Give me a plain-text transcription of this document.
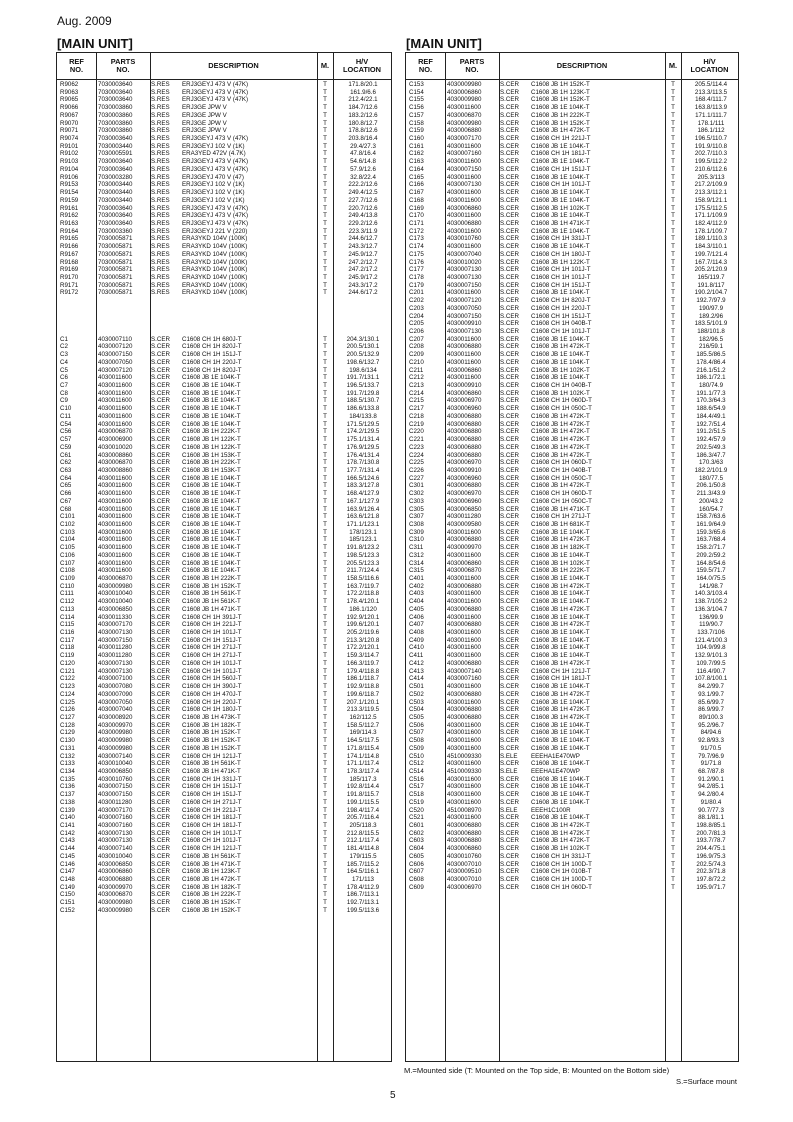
Aug. 2009
[MAIN UNIT]	[MAIN UNIT]
REF
NO.
PARTS
NO.	DESCRIPTION	M.	H/V
LOCATION
R9062	7030003640	S.RES	ERJ3GEYJ 473 V (47K)	T	171.8/20.1
R9063	7030003640	S.RES	ERJ3GEYJ 473 V (47K)	T	161.9/6.6
R9065	7030003640	S.RES	ERJ3GEYJ 473 V (47K)	T	212.4/22.1
R9066	7030003860	S.RES	ERJ3GE JPW V	T	184.7/12.6
R9067	7030003860	S.RES	ERJ3GE JPW V	T	183.2/12.6
R9070	7030003860	S.RES	ERJ3GE JPW V	T	180.8/12.7
R9071	7030003860	S.RES	ERJ3GE JPW V	T	178.8/12.6
R9074	7030003640	S.RES	ERJ3GEYJ 473 V (47K)	T	203.8/16.4
R9101	7030003440	S.RES	ERJ3GEYJ 102 V (1K)	T	29.4/27.3
R9102	7030005591	S.RES	ERA3YED 472V (4.7K)	T	47.8/16.4
R9103	7030003640	S.RES	ERJ3GEYJ 473 V (47K)	T	54.6/14.8
R9104	7030003640	S.RES	ERJ3GEYJ 473 V (47K)	T	57.9/12.6
R9106	7030003280	S.RES	ERJ3GEYJ 470 V (47)	T	32.8/22.4
R9153	7030003440	S.RES	ERJ3GEYJ 102 V (1K)	T	222.2/12.6
R9154	7030003440	S.RES	ERJ3GEYJ 102 V (1K)	T	249.4/12.5
R9159	7030003440	S.RES	ERJ3GEYJ 102 V (1K)	T	227.7/12.6
R9161	7030003640	S.RES	ERJ3GEYJ 473 V (47K)	T	220.7/12.6
R9162	7030003640	S.RES	ERJ3GEYJ 473 V (47K)	T	249.4/13.8
R9163	7030003640	S.RES	ERJ3GEYJ 473 V (47K)	T	229.2/12.6
R9164	7030003360	S.RES	ERJ3GEYJ 221 V (220)	T	223.3/11.9
R9165	7030005871	S.RES	ERA3YKD 104V (100K)	T	244.6/12.7
R9166	7030005871	S.RES	ERA3YKD 104V (100K)	T	243.3/12.7
R9167	7030005871	S.RES	ERA3YKD 104V (100K)	T	245.9/12.7
R9168	7030005871	S.RES	ERA3YKD 104V (100K)	T	247.2/12.7
R9169	7030005871	S.RES	ERA3YKD 104V (100K)	T	247.2/17.2
R9170	7030005871	S.RES	ERA3YKD 104V (100K)	T	245.9/17.2
R9171	7030005871	S.RES	ERA3YKD 104V (100K)	T	243.3/17.2
R9172	7030005871	S.RES	ERA3YKD 104V (100K)	T	244.6/17.2
C1	4030007110	S.CER	C1608 CH 1H 680J-T	T	204.3/130.1
C2	4030007120	S.CER	C1608 CH 1H 820J-T	T	200.5/130.1
C3	4030007150	S.CER	C1608 CH 1H 151J-T	T	200.5/132.9
C4	4030007050	S.CER	C1608 CH 1H 220J-T	T	198.6/132.7
C5	4030007120	S.CER	C1608 CH 1H 820J-T	T	198.6/134
C6	4030011600	S.CER	C1608 JB 1E 104K-T	T	191.7/131.1
C7	4030011600	S.CER	C1608 JB 1E 104K-T	T	196.5/133.7
C8	4030011600	S.CER	C1608 JB 1E 104K-T	T	191.7/129.8
C9	4030011600	S.CER	C1608 JB 1E 104K-T	T	188.5/130.7
C10	4030011600	S.CER	C1608 JB 1E 104K-T	T	186.6/133.8
C11	4030011600	S.CER	C1608 JB 1E 104K-T	T	184/133.8
C54	4030011600	S.CER	C1608 JB 1E 104K-T	T	171.5/129.5
C56	4030006870	S.CER	C1608 JB 1H 222K-T	T	174.2/129.5
C57	4030006900	S.CER	C1608 JB 1H 122K-T	T	175.1/131.4
C59	4030010020	S.CER	C1608 JB 1H 122K-T	T	176.9/129.5
C61	4030008860	S.CER	C1608 JB 1H 153K-T	T	176.4/131.4
C62	4030006870	S.CER	C1608 JB 1H 222K-T	T	178.7/130.8
C63	4030008860	S.CER	C1608 JB 1H 153K-T	T	177.7/131.4
C64	4030011600	S.CER	C1608 JB 1E 104K-T	T	166.5/124.6
C65	4030011600	S.CER	C1608 JB 1E 104K-T	T	183.3/127.8
C66	4030011600	S.CER	C1608 JB 1E 104K-T	T	168.4/127.9
C67	4030011600	S.CER	C1608 JB 1E 104K-T	T	167.1/127.9
C68	4030011600	S.CER	C1608 JB 1E 104K-T	T	163.9/126.4
C101	4030011600	S.CER	C1608 JB 1E 104K-T	T	163.6/121.8
C102	4030011600	S.CER	C1608 JB 1E 104K-T	T	171.1/123.1
C103	4030011600	S.CER	C1608 JB 1E 104K-T	T	178/123.1
C104	4030011600	S.CER	C1608 JB 1E 104K-T	T	185/123.1
C105	4030011600	S.CER	C1608 JB 1E 104K-T	T	191.8/123.2
C106	4030011600	S.CER	C1608 JB 1E 104K-T	T	198.5/123.3
C107	4030011600	S.CER	C1608 JB 1E 104K-T	T	205.5/123.3
C108	4030011600	S.CER	C1608 JB 1E 104K-T	T	211.7/124.4
C109	4030006870	S.CER	C1608 JB 1H 222K-T	T	158.5/116.6
C110	4030009980	S.CER	C1608 JB 1H 152K-T	T	163.7/119.7
C111	4030010040	S.CER	C1608 JB 1H 561K-T	T	172.2/118.8
C112	4030010040	S.CER	C1608 JB 1H 561K-T	T	178.4/120.1
C113	4030006850	S.CER	C1608 JB 1H 471K-T	T	186.1/120
C114	4030011330	S.CER	C1608 CH 1H 391J-T	T	192.9/120.1
C115	4030007170	S.CER	C1608 CH 1H 221J-T	T	199.6/120.1
C116	4030007130	S.CER	C1608 CH 1H 101J-T	T	205.2/119.6
C117	4030007150	S.CER	C1608 CH 1H 151J-T	T	213.3/120.8
C118	4030011280	S.CER	C1608 CH 1H 271J-T	T	172.2/120.1
C119	4030011280	S.CER	C1608 CH 1H 271J-T	T	159.3/114.7
C120	4030007130	S.CER	C1608 CH 1H 101J-T	T	166.3/119.7
C121	4030007130	S.CER	C1608 CH 1H 101J-T	T	179.4/118.8
C122	4030007100	S.CER	C1608 CH 1H 560J-T	T	186.1/118.7
C123	4030007080	S.CER	C1608 CH 1H 390J-T	T	192.9/118.8
C124	4030007090	S.CER	C1608 CH 1H 470J-T	T	199.6/118.7
C125	4030007050	S.CER	C1608 CH 1H 220J-T	T	207.1/120.1
C126	4030007040	S.CER	C1608 CH 1H 180J-T	T	213.3/119.5
C127	4030008920	S.CER	C1608 JB 1H 473K-T	T	162/112.5
C128	4030009970	S.CER	C1608 JB 1H 182K-T	T	158.5/112.7
C129	4030009980	S.CER	C1608 JB 1H 152K-T	T	169/114.3
C130	4030009980	S.CER	C1608 JB 1H 152K-T	T	164.5/117.5
C131	4030009980	S.CER	C1608 JB 1H 152K-T	T	171.8/115.4
C132	4030007140	S.CER	C1608 CH 1H 121J-T	T	174.1/114.8
C133	4030010040	S.CER	C1608 JB 1H 561K-T	T	171.1/117.4
C134	4030006850	S.CER	C1608 JB 1H 471K-T	T	178.3/117.4
C135	4030010760	S.CER	C1608 CH 1H 331J-T	T	185/117.3
C136	4030007150	S.CER	C1608 CH 1H 151J-T	T	192.8/114.4
C137	4030007150	S.CER	C1608 CH 1H 151J-T	T	191.8/115.7
C138	4030011280	S.CER	C1608 CH 1H 271J-T	T	199.1/115.5
C139	4030007170	S.CER	C1608 CH 1H 221J-T	T	198.4/117.4
C140	4030007160	S.CER	C1608 CH 1H 181J-T	T	205.7/116.4
C141	4030007160	S.CER	C1608 CH 1H 181J-T	T	205/118.3
C142	4030007130	S.CER	C1608 CH 1H 101J-T	T	212.8/115.5
C143	4030007130	S.CER	C1608 CH 1H 101J-T	T	212.1/117.4
C144	4030007140	S.CER	C1608 CH 1H 121J-T	T	181.4/114.8
C145	4030010040	S.CER	C1608 JB 1H 561K-T	T	179/115.5
C146	4030006850	S.CER	C1608 JB 1H 471K-T	T	185.7/115.2
C147	4030006860	S.CER	C1608 JB 1H 123K-T	T	164.5/116.1
C148	4030006880	S.CER	C1608 JB 1H 472K-T	T	171/113
C149	4030009970	S.CER	C1608 JB 1H 182K-T	T	178.4/112.9
C150	4030006870	S.CER	C1608 JB 1H 222K-T	T	186.7/113.1
C151	4030009980	S.CER	C1608 JB 1H 152K-T	T	192.7/113.1
C152	4030009980	S.CER	C1608 JB 1H 152K-T	T	199.5/113.6
REF
NO.
PARTS
NO.	DESCRIPTION	M.	H/V
LOCATION
C153	4030009980	S.CER	C1608 JB 1H 152K-T	T	205.5/114.4
C154	4030006860	S.CER	C1608 JB 1H 123K-T	T	213.3/113.5
C155	4030009980	S.CER	C1608 JB 1H 152K-T	T	168.4/111.7
C156	4030011600	S.CER	C1608 JB 1E 104K-T	T	163.8/113.9
C157	4030006870	S.CER	C1608 JB 1H 222K-T	T	171.1/111.7
C158	4030009980	S.CER	C1608 JB 1H 152K-T	T	178.1/111
C159	4030006880	S.CER	C1608 JB 1H 472K-T	T	186.1/112
C160	4030007170	S.CER	C1608 CH 1H 221J-T	T	196.5/110.7
C161	4030011600	S.CER	C1608 JB 1E 104K-T	T	191.9/110.8
C162	4030007160	S.CER	C1608 CH 1H 181J-T	T	202.7/110.3
C163	4030011600	S.CER	C1608 JB 1E 104K-T	T	199.5/112.2
C164	4030007150	S.CER	C1608 CH 1H 151J-T	T	210.6/112.6
C165	4030011600	S.CER	C1608 JB 1E 104K-T	T	205.3/113
C166	4030007130	S.CER	C1608 CH 1H 101J-T	T	217.2/109.9
C167	4030011600	S.CER	C1608 JB 1E 104K-T	T	213.3/112.1
C168	4030011600	S.CER	C1608 JB 1E 104K-T	T	158.9/121.1
C169	4030006860	S.CER	C1608 JB 1H 102K-T	T	175.5/112.5
C170	4030011600	S.CER	C1608 JB 1E 104K-T	T	171.1/109.9
C171	4030006880	S.CER	C1608 JB 1H 471K-T	T	182.4/112.9
C172	4030011600	S.CER	C1608 JB 1E 104K-T	T	178.1/109.7
C173	4030010760	S.CER	C1608 CH 1H 331J-T	T	189.1/110.3
C174	4030011600	S.CER	C1608 JB 1E 104K-T	T	184.3/110.1
C175	4030007040	S.CER	C1608 CH 1H 180J-T	T	199.7/121.4
C176	4030010020	S.CER	C1608 JB 1H 122K-T	T	167.7/114.3
C177	4030007130	S.CER	C1608 CH 1H 101J-T	T	205.2/120.9
C178	4030007130	S.CER	C1608 CH 1H 101J-T	T	165/119.7
C179	4030007150	S.CER	C1608 CH 1H 151J-T	T	191.8/117
C201	4030011600	S.CER	C1608 JB 1E 104K-T	T	190.2/104.7
C202	4030007120	S.CER	C1608 CH 1H 820J-T	T	192.7/97.9
C203	4030007050	S.CER	C1608 CH 1H 220J-T	T	190/97.9
C204	4030007150	S.CER	C1608 CH 1H 151J-T	T	189.2/96
C205	4030009910	S.CER	C1608 CH 1H 040B-T	T	183.5/101.9
C206	4030007130	S.CER	C1608 CH 1H 101J-T	T	188/101.8
C207	4030011600	S.CER	C1608 JB 1E 104K-T	T	182/96.5
C208	4030006880	S.CER	C1608 JB 1H 472K-T	T	216/59.1
C209	4030011600	S.CER	C1608 JB 1E 104K-T	T	185.5/86.5
C210	4030011600	S.CER	C1608 JB 1E 104K-T	T	178.4/86.4
C211	4030006860	S.CER	C1608 JB 1H 102K-T	T	216.1/51.2
C212	4030011600	S.CER	C1608 JB 1E 104K-T	T	186.1/72.1
C213	4030009910	S.CER	C1608 CH 1H 040B-T	T	180/74.9
C214	4030006860	S.CER	C1608 JB 1H 102K-T	T	191.1/77.3
C215	4030006970	S.CER	C1608 CH 1H 060D-T	T	170.3/64.3
C217	4030006960	S.CER	C1608 CH 1H 050C-T	T	188.6/54.9
C218	4030006880	S.CER	C1608 JB 1H 472K-T	T	184.4/49.1
C219	4030006880	S.CER	C1608 JB 1H 472K-T	T	192.7/51.4
C220	4030006880	S.CER	C1608 JB 1H 472K-T	T	191.2/51.5
C221	4030006880	S.CER	C1608 JB 1H 472K-T	T	192.4/57.9
C223	4030006880	S.CER	C1608 JB 1H 472K-T	T	202.5/49.3
C224	4030006880	S.CER	C1608 JB 1H 472K-T	T	186.3/47.7
C225	4030006970	S.CER	C1608 CH 1H 060D-T	T	170.3/63
C226	4030009910	S.CER	C1608 CH 1H 040B-T	T	182.2/101.9
C227	4030006960	S.CER	C1608 CH 1H 050C-T	T	180/77.5
C301	4030006880	S.CER	C1608 JB 1H 472K-T	T	206.1/50.8
C302	4030006970	S.CER	C1608 CH 1H 060D-T	T	211.3/43.9
C303	4030006960	S.CER	C1608 CH 1H 050C-T	T	200/43.2
C305	4030006850	S.CER	C1608 JB 1H 471K-T	T	160/54.7
C307	4030011280	S.CER	C1608 CH 1H 271J-T	T	158.7/63.6
C308	4030009580	S.CER	C1608 JB 1H 681K-T	T	161.9/64.9
C309	4030011600	S.CER	C1608 JB 1E 104K-T	T	159.3/65.6
C310	4030006880	S.CER	C1608 JB 1H 472K-T	T	163.7/68.4
C311	4030009970	S.CER	C1608 JB 1H 182K-T	T	158.2/71.7
C312	4030011600	S.CER	C1608 JB 1E 104K-T	T	209.2/59.2
C314	4030006860	S.CER	C1608 JB 1H 102K-T	T	164.8/54.6
C315	4030006870	S.CER	C1608 JB 1H 222K-T	T	159.5/71.7
C401	4030011600	S.CER	C1608 JB 1E 104K-T	T	164.0/75.5
C402	4030006880	S.CER	C1608 JB 1H 472K-T	T	141/98.7
C403	4030011600	S.CER	C1608 JB 1E 104K-T	T	140.3/103.4
C404	4030011600	S.CER	C1608 JB 1E 104K-T	T	138.7/105.2
C405	4030006880	S.CER	C1608 JB 1H 472K-T	T	136.3/104.7
C406	4030011600	S.CER	C1608 JB 1E 104K-T	T	136/99.9
C407	4030006880	S.CER	C1608 JB 1H 472K-T	T	119/90.7
C408	4030011600	S.CER	C1608 JB 1E 104K-T	T	133.7/106
C409	4030011600	S.CER	C1608 JB 1E 104K-T	T	121.4/100.3
C410	4030011600	S.CER	C1608 JB 1E 104K-T	T	104.9/99.8
C411	4030011600	S.CER	C1608 JB 1E 104K-T	T	132.9/101.3
C412	4030006880	S.CER	C1608 JB 1H 472K-T	T	109.7/99.5
C413	4030007140	S.CER	C1608 CH 1H 121J-T	T	116.4/90.7
C414	4030007160	S.CER	C1608 CH 1H 181J-T	T	107.8/100.1
C501	4030011600	S.CER	C1608 JB 1E 104K-T	T	84.2/99.7
C502	4030006880	S.CER	C1608 JB 1H 472K-T	T	93.1/99.7
C503	4030011600	S.CER	C1608 JB 1E 104K-T	T	85.6/99.7
C504	4030006880	S.CER	C1608 JB 1H 472K-T	T	86.9/99.7
C505	4030006880	S.CER	C1608 JB 1H 472K-T	T	89/100.3
C506	4030011600	S.CER	C1608 JB 1E 104K-T	T	95.2/96.7
C507	4030011600	S.CER	C1608 JB 1E 104K-T	T	84/94.6
C508	4030011600	S.CER	C1608 JB 1E 104K-T	T	92.8/93.3
C509	4030011600	S.CER	C1608 JB 1E 104K-T	T	91/70.5
C510	4510009330	S.ELE	EEEHA1E470WP	T	79.7/96.9
C512	4030011600	S.CER	C1608 JB 1E 104K-T	T	91/71.8
C514	4510009330	S.ELE	EEEHA1E470WP	T	68.7/87.8
C516	4030011600	S.CER	C1608 JB 1E 104K-T	T	91.2/90.1
C517	4030011600	S.CER	C1608 JB 1E 104K-T	T	94.2/85.1
C518	4030011600	S.CER	C1608 JB 1E 104K-T	T	94.2/80.4
C519	4030011600	S.CER	C1608 JB 1E 104K-T	T	91/80.4
C520	4510008970	S.ELE	EEEH1C100R	T	90.7/77.3
C521	4030011600	S.CER	C1608 JB 1E 104K-T	T	88.1/81.1
C601	4030006880	S.CER	C1608 JB 1H 472K-T	T	198.8/85.1
C602	4030006880	S.CER	C1608 JB 1H 472K-T	T	200.7/81.3
C603	4030006880	S.CER	C1608 JB 1H 472K-T	T	193.7/78.7
C604	4030006860	S.CER	C1608 JB 1H 102K-T	T	204.4/75.1
C605	4030010760	S.CER	C1608 CH 1H 331J-T	T	196.9/75.3
C606	4030007010	S.CER	C1608 CH 1H 100D-T	T	202.5/74.3
C607	4030009510	S.CER	C1608 CH 1H 010B-T	T	202.3/71.8
C608	4030007010	S.CER	C1608 CH 1H 100D-T	T	197.8/72.2
C609	4030006970	S.CER	C1608 CH 1H 060D-T	T	195.9/71.7
M.=Mounted side (T: Mounted on the Top side, B: Mounted on the Bottom side)
S.=Surface mount
5
